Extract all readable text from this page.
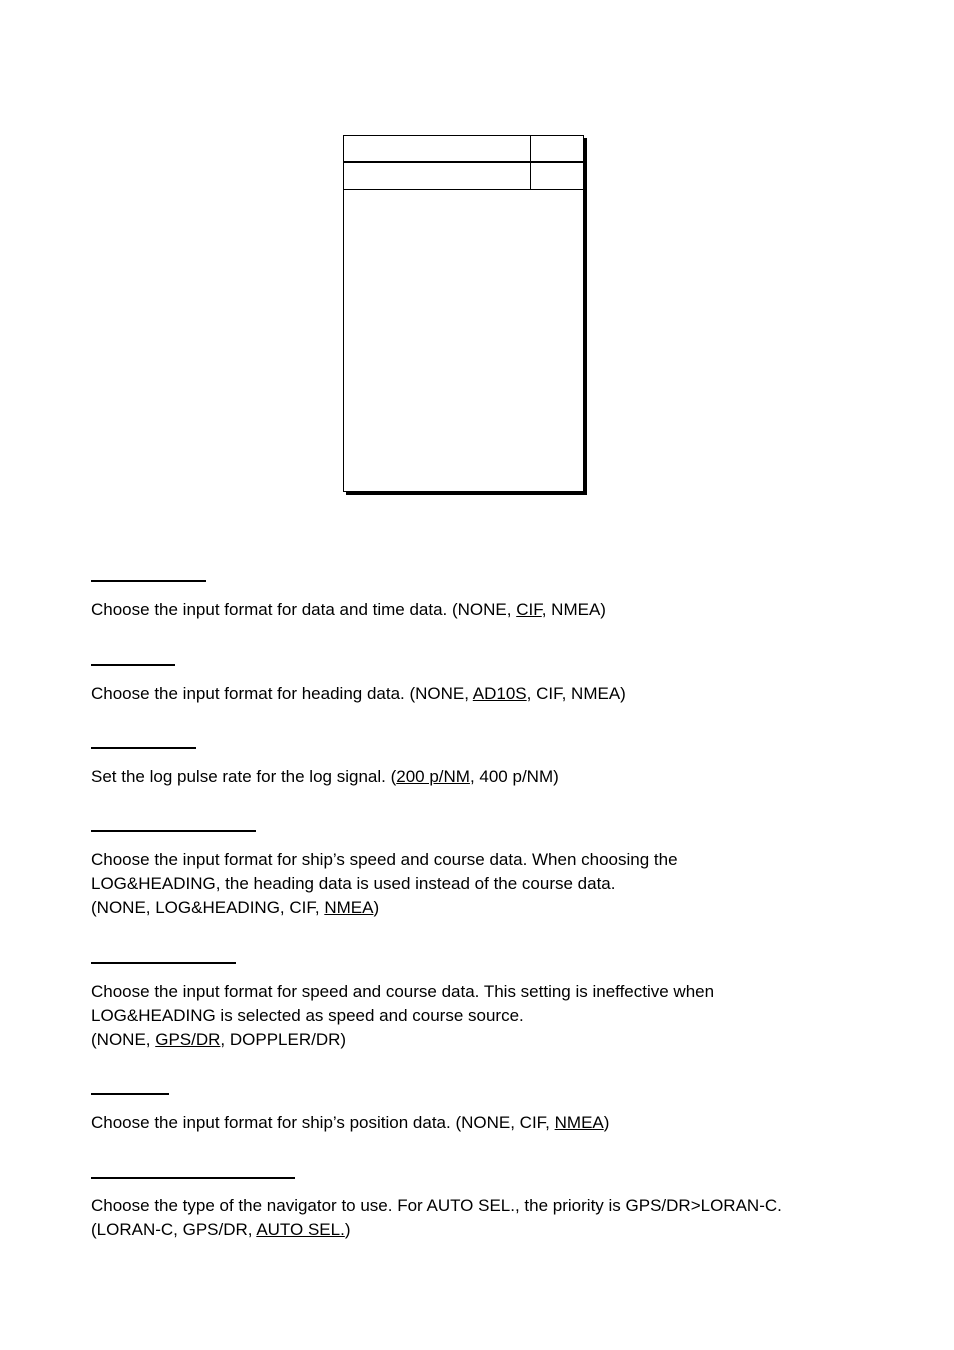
Choose the input format for data and time data. (NONE, CIF, NMEA)

Choose the input format for heading data. (NONE, AD10S, CIF, NMEA)

Set the log pulse rate for the log signal. (200 p/NM, 400 p/NM)

Choose the input format for ship’s speed and course data. When choosing the
LOG&HEADING, the heading data is used instead of the course data.
(NONE, LOG&HEADING, CIF, NMEA)

Choose the input format for speed and course data. This setting is ineffective when
LOG&HEADING is selected as speed and course source.
(NONE, GPS/DR, DOPPLER/DR)

Choose the input format for ship’s position data. (NONE, CIF, NMEA)

Choose the type of the navigator to use. For AUTO SEL., the priority is GPS/DR>LORAN-C.
(LORAN-C, GPS/DR, AUTO SEL.)
